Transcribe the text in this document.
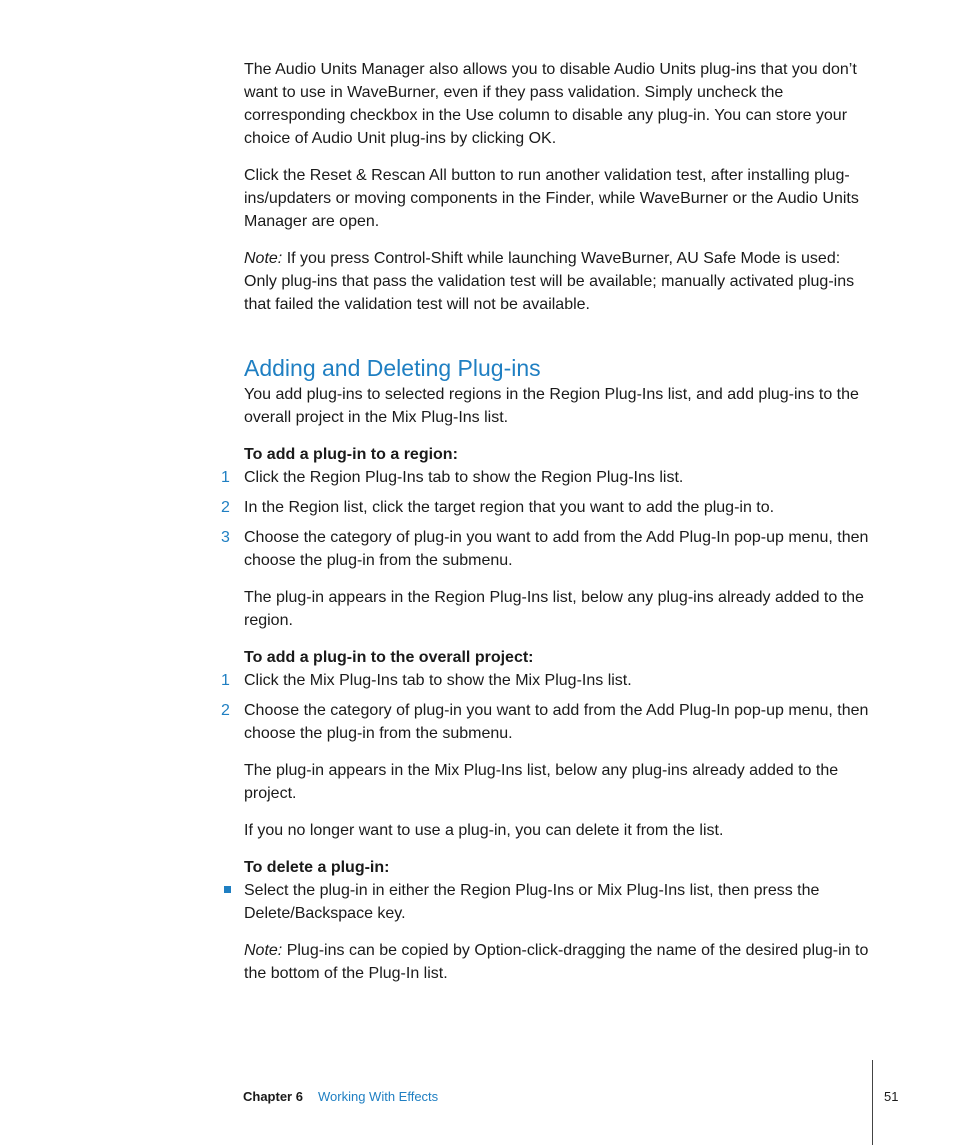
The Audio Units Manager also allows you to disable Audio Units plug-ins that you don’t want to use in WaveBurner, even if they pass validation. Simply uncheck the corresponding checkbox in the Use column to disable any plug-in. You can store your choice of Audio Unit plug-ins by clicking OK.

Click the Reset & Rescan All button to run another validation test, after installing plug-ins/updaters or moving components in the Finder, while WaveBurner or the Audio Units Manager are open.

Note: If you press Control-Shift while launching WaveBurner, AU Safe Mode is used: Only plug-ins that pass the validation test will be available; manually activated plug-ins that failed the validation test will not be available.

Adding and Deleting Plug-ins

You add plug-ins to selected regions in the Region Plug-Ins list, and add plug-ins to the overall project in the Mix Plug-Ins list.

To add a plug-in to a region:
1 Click the Region Plug-Ins tab to show the Region Plug-Ins list.

2 In the Region list, click the target region that you want to add the plug-in to.

3 Choose the category of plug-in you want to add from the Add Plug-In pop-up menu, then choose the plug-in from the submenu.

The plug-in appears in the Region Plug-Ins list, below any plug-ins already added to the region.

To add a plug-in to the overall project:
1 Click the Mix Plug-Ins tab to show the Mix Plug-Ins list.

2 Choose the category of plug-in you want to add from the Add Plug-In pop-up menu, then choose the plug-in from the submenu.

The plug-in appears in the Mix Plug-Ins list, below any plug-ins already added to the project.

If you no longer want to use a plug-in, you can delete it from the list.

To delete a plug-in:

Select the plug-in in either the Region Plug-Ins or Mix Plug-Ins list, then press the Delete/Backspace key.

Note: Plug-ins can be copied by Option-click-dragging the name of the desired plug-in to the bottom of the Plug-In list.

Chapter 6 Working With Effects	51
